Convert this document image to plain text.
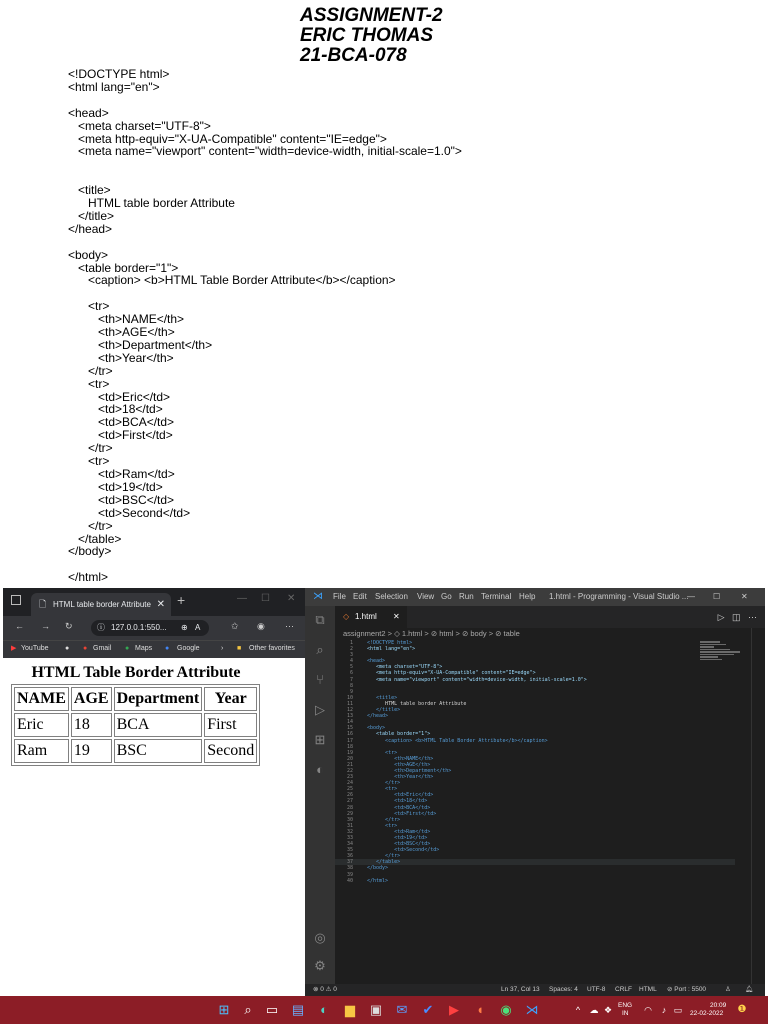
ASSIGNMENT-2
ERIC THOMAS
21-BCA-078
<!DOCTYPE html>
<html lang="en">
<head>
<meta charset="UTF-8">
<meta http-equiv="X-UA-Compatible" content="IE=edge">
<meta name="viewport" content="width=device-width, initial-scale=1.0">
<title>
HTML table border Attribute
</title>
</head>
<body>
<table border="1">
<caption> <b>HTML Table Border Attribute</b></caption>
<tr>
<th>NAME</th>
<th>AGE</th>
<th>Department</th>
<th>Year</th>
</tr>
<tr>
<td>Eric</td>
<td>18</td>
<td>BCA</td>
<td>First</td>
</tr>
<tr>
<td>Ram</td>
<td>19</td>
<td>BSC</td>
<td>Second</td>
</tr>
</table>
</body>
</html>
🗋 HTML table border Attribute ✕ +	— ☐ ✕
← → ↻	ⓘ 127.0.0.1:550... ⊕ A	✩ ◉ ⋯
▶ YouTube ● ● Gmail ● Maps ● Google	› ■ Other favorites
HTML Table Border Attribute
NAME	AGE	Department	Year
Eric	18	BCA	First
Ram	19	BSC	Second
⋊ File Edit Selection View Go Run Terminal Help 1.html - Programming - Visual Studio ...
— ☐	✕
⧉
⌕
⑂
▷
⊞
◐
◎
⚙
◇ 1.html ✕	▷   ◫   ⋯
assignment2 > ◇ 1.html > ⊘ html > ⊘ body > ⊘ table
1	<!DOCTYPE html>
2	<html lang="en">
3
4	<head>
5	<meta charset="UTF-8">
6	<meta http-equiv="X-UA-Compatible" content="IE=edge">
7	<meta name="viewport" content="width=device-width, initial-scale=1.0">
8
9
10	<title>
11	HTML table border Attribute
12	</title>
13	</head>
14
15	<body>
16	<table border="1">
17	<caption> <b>HTML Table Border Attribute</b></caption>
18
19	<tr>
20	<th>NAME</th>
21	<th>AGE</th>
22	<th>Department</th>
23	<th>Year</th>
24	</tr>
25	<tr>
26	<td>Eric</td>
27	<td>18</td>
28	<td>BCA</td>
29	<td>First</td>
30	</tr>
31	<tr>
32	<td>Ram</td>
33	<td>19</td>
34	<td>BSC</td>
35	<td>Second</td>
36	</tr>
37	</table>
38	</body>
39
40	</html>
⊗ 0 ⚠ 0	Ln 37, Col 13 Spaces: 4 UTF-8 CRLF HTML ⊘ Port : 5500	♙ 🔔︎
⊞	⌕	▭ ▤	◐	▆ ▣ ✉ ✔ ▶	◖	◉ ⋊	^	☁ ❖ ENG
IN	◠	♪ ▭	20:09
22-02-2022	❶
